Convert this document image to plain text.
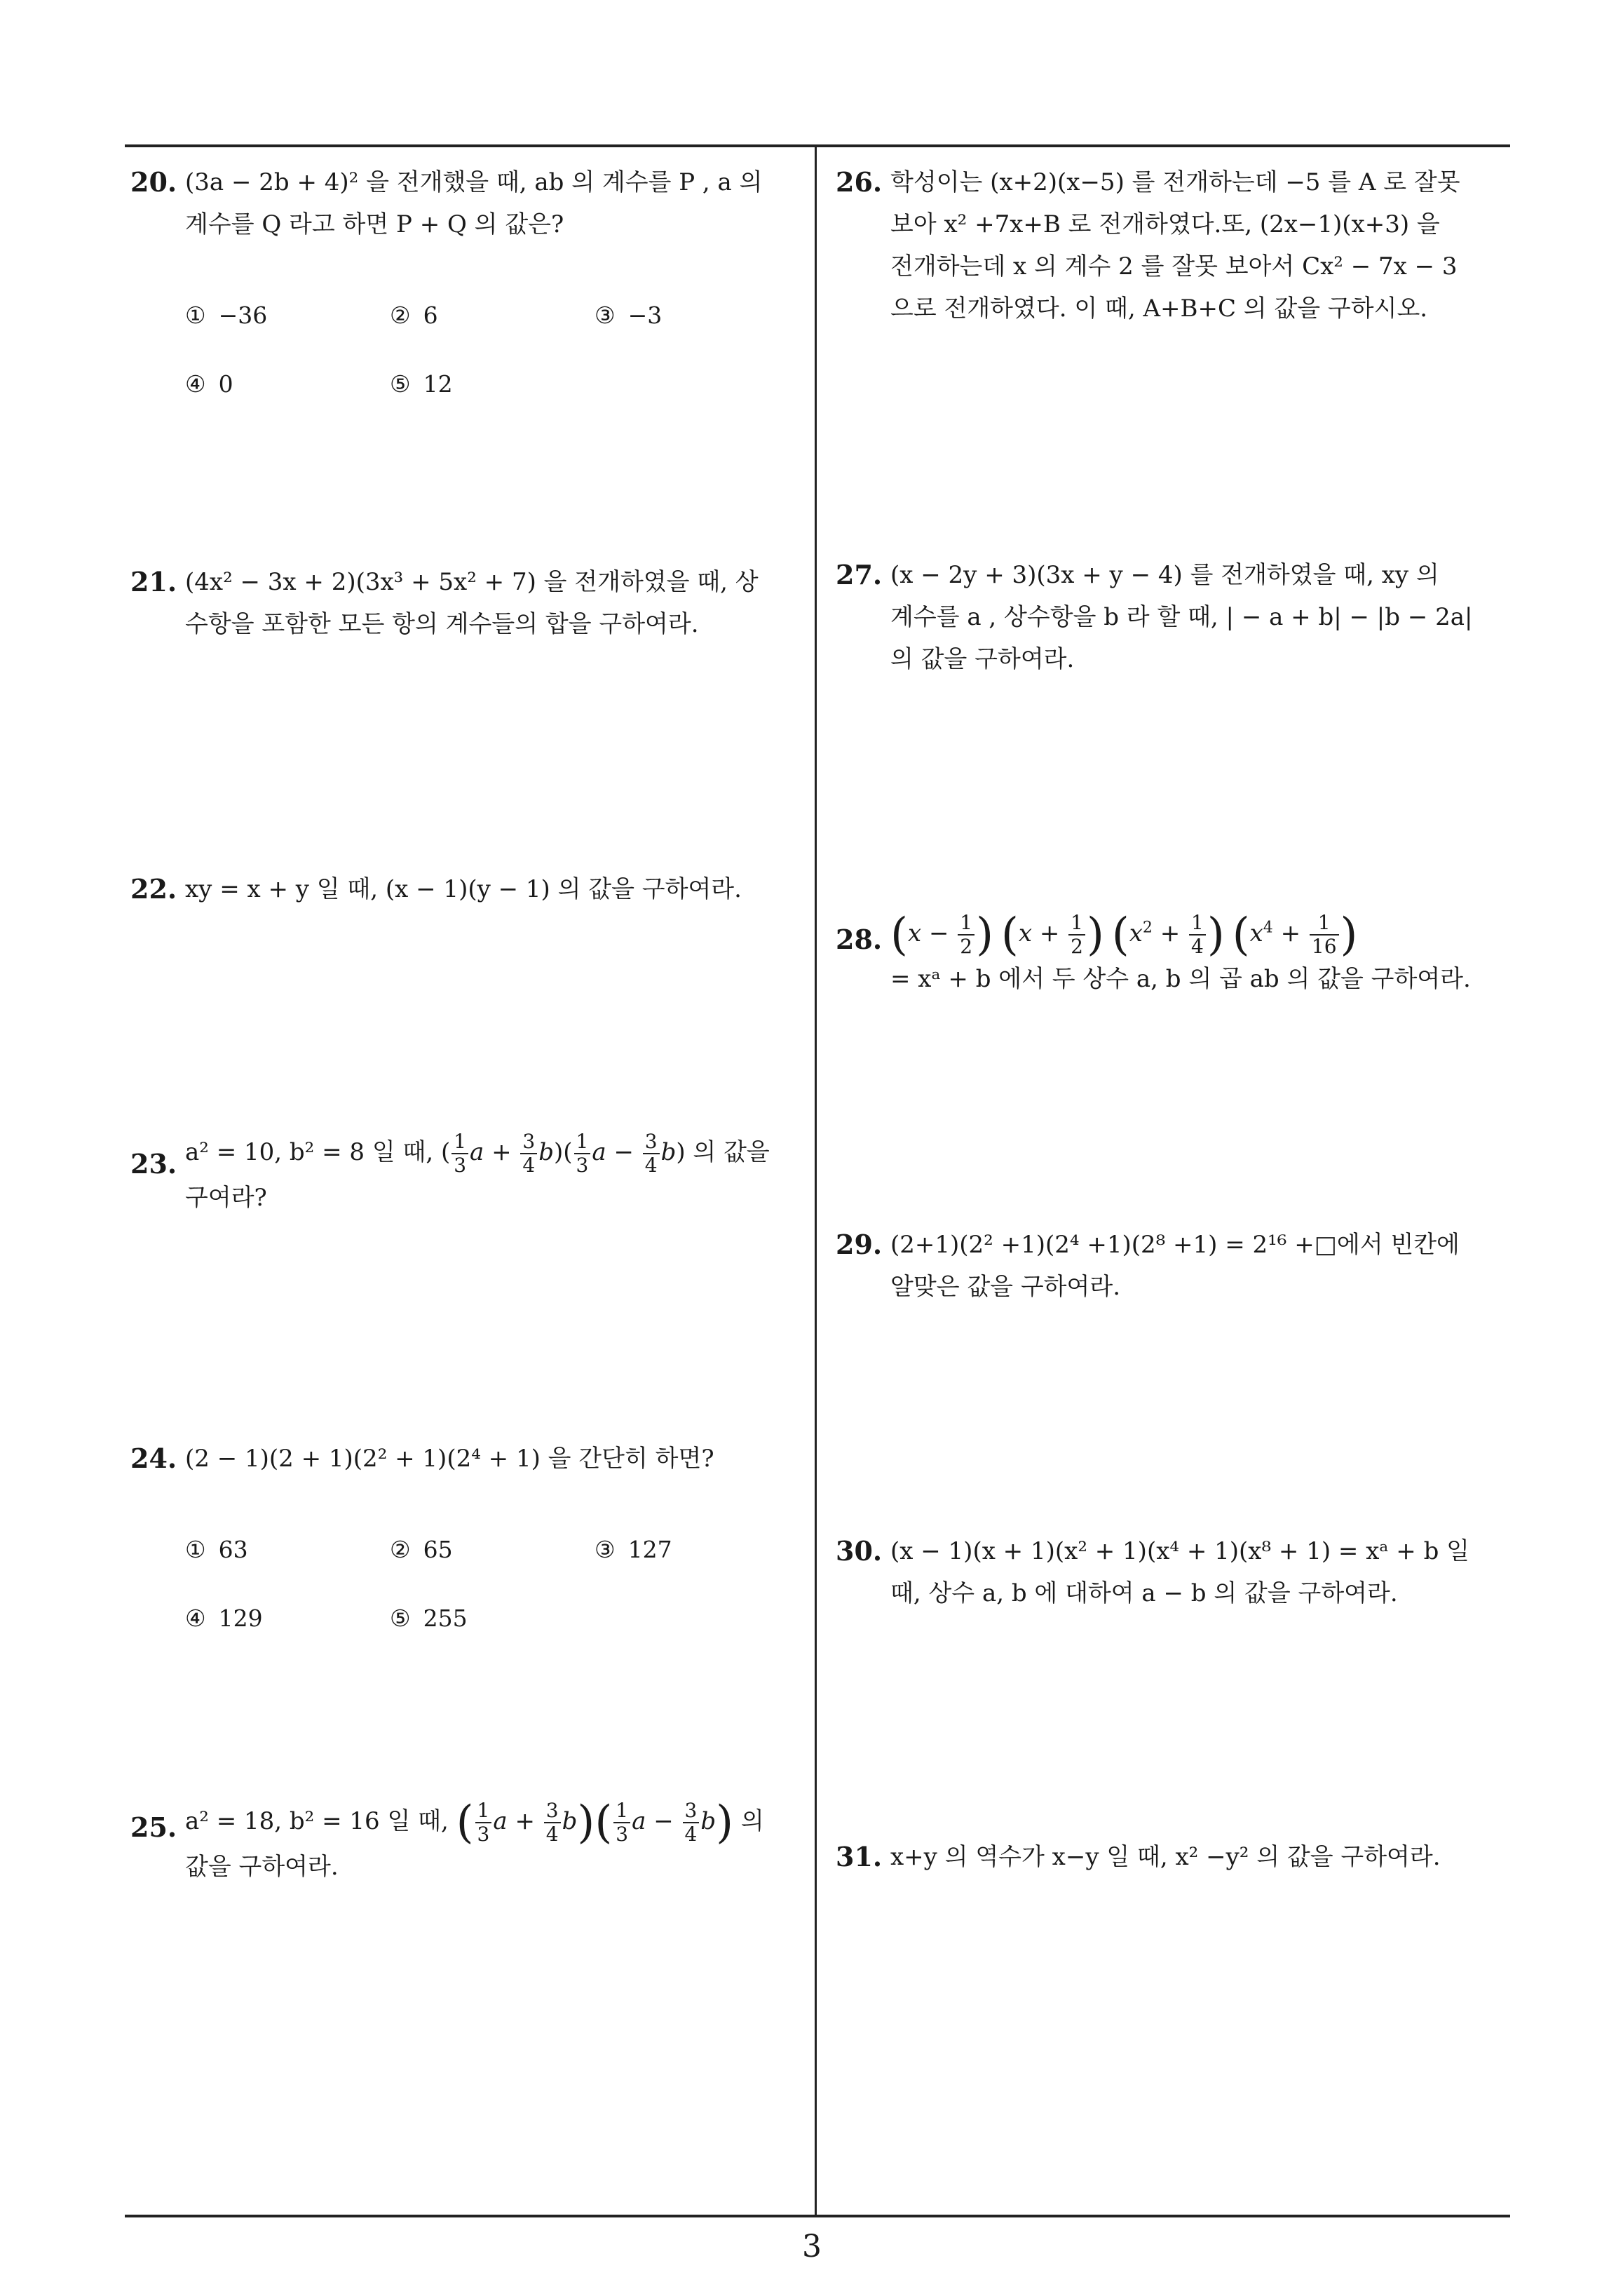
20. (3a − 2b + 4)² 을 전개했을 때, ab 의 계수를 P , a 의
계수를 Q 라고 하면 P + Q 의 값은?
① −36	② 6	③ −3
④ 0	⑤ 12
21. (4x² − 3x + 2)(3x³ + 5x² + 7) 을 전개하였을 때, 상
수항을 포함한 모든 항의 계수들의 합을 구하여라.
22. xy = x + y 일 때, (x − 1)(y − 1) 의 값을 구하여라.
23. a² = 10, b² = 8 일 때, ( $\frac{1}{3}$ $a + \frac{3}{4} b)( \frac{1}{3}$ $a - \frac{3}{4} b$) 의 값을
구여라?
24. (2 − 1)(2 + 1)(2² + 1)(2⁴ + 1) 을 간단히 하면?
① 63	② 65	③ 127
④ 129	⑤ 255
25. a² = 18, b² = 16 일 때, ( $\frac{1}{3}$ $a + \frac{3}{4} b)( \frac{1}{3}$ $a - \frac{3}{4} b$) 의
값을 구하여라.
26. 학성이는 (x+2)(x−5) 를 전개하는데 −5 를 A 로 잘못
보아 x² +7x+B 로 전개하였다.또, (2x−1)(x+3) 을
전개하는데 x 의 계수 2 를 잘못 보아서 Cx² − 7x − 3
으로 전개하였다. 이 때, A+B+C 의 값을 구하시오.
27. (x − 2y + 3)(3x + y − 4) 를 전개하였을 때, xy 의
계수를 a , 상수항을 b 라 할 때, | − a + b| − |b − 2a|
의 값을 구하여라.
28. ($x - \frac{1}{2}$ ) ($x + \frac{1}{2}$ ) ($x^2 + \frac{1}{4}$ ) ($x^4 + \frac{1}{16}$ )
= xᵃ + b 에서 두 상수 a, b 의 곱 ab 의 값을 구하여라.
29. (2+1)(2² +1)(2⁴ +1)(2⁸ +1) = 2¹⁶ +□에서 빈칸에
알맞은 값을 구하여라.
30. (x − 1)(x + 1)(x² + 1)(x⁴ + 1)(x⁸ + 1) = xᵃ + b 일
때, 상수 a, b 에 대하여 a − b 의 값을 구하여라.
31. x+y 의 역수가 x−y 일 때, x² −y² 의 값을 구하여라.
3
